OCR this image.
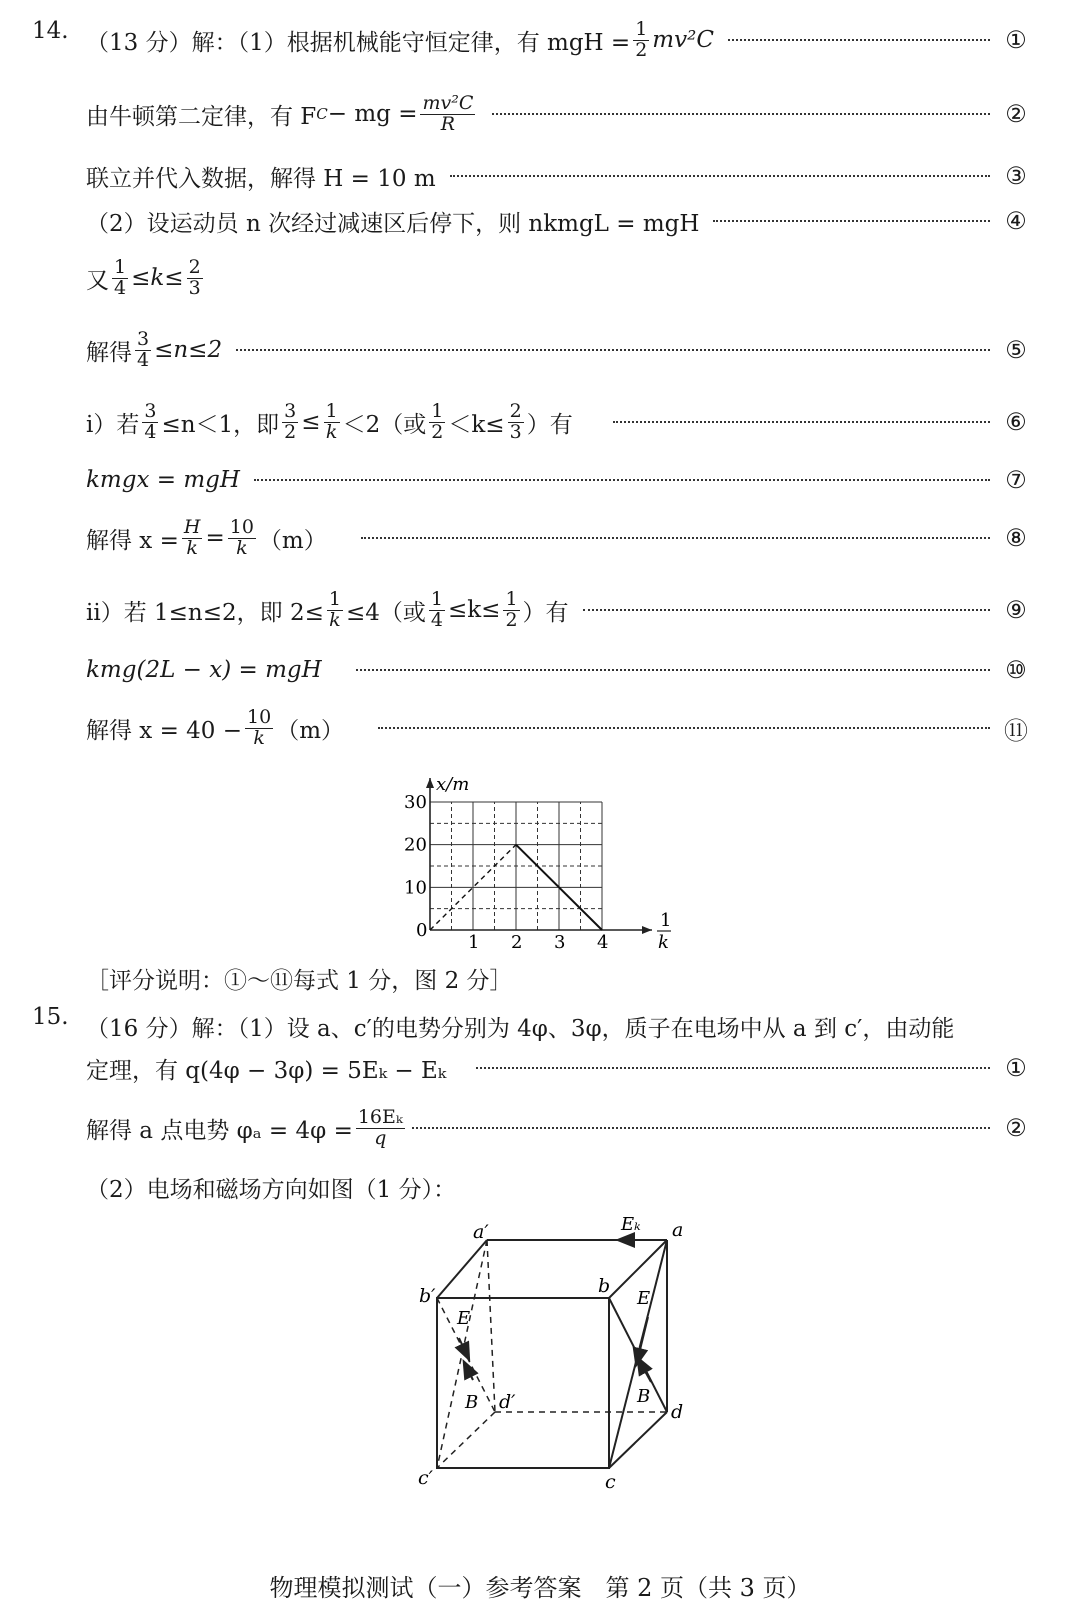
14. （13 分）解：（1）根据机械能守恒定律，有 mgH = $\frac{1}{2} mv^2C$	①
由牛顿第二定律，有 F C − mg = $\frac{\text{mv²C}}{R}$	②
联立并代入数据，解得 H = 10 m	③
（2）设运动员 n 次经过减速区后停下，则 nkmgL = mgH	④
又 $\frac{1}{4} \le k\le \frac{2}{3}$
解得 $\frac{3}{4} \le n\le 2$	⑤
i）若 $\frac{3}{4} \le n<1$，即 $\frac{3}{2} \le \frac{1}{k} <2$（或 $\frac{1}{2} <k\le \frac{2}{3}$ ）有	⑥
kmgx = mgH	⑦
解得 $x = \frac{H}{k} = \frac{10}{k} (m)$	⑧
ii）若 1≤n≤2，即 $2\le \frac{1}{k} \le 4$（或 $\frac{1}{4} \le k\le \frac{1}{2}$ ）有	⑨
kmg(2L − x) = mgH	⑩
解得 $x = 40 - \frac{10}{k} (m)$	⑪
1 2 3 4
10
20
30
0
x/m
1
k
［评分说明：①～⑪每式 1 分，图 2 分］
15. （16 分）解：（1）设 a、c′的电势分别为 4φ、3φ，质子在电场中从 a 到 c′，由动能
定理，有 q(4φ − 3φ) = 5Eₖ − Eₖ	①
解得 a 点电势 $\varphi_a = 4\varphi = \frac{\text{16Eₖ}}{q}$	②
（2）电场和磁场方向如图（1 分）：
a
a′
b
b′
c
c′
d
d′
Eₖ
E
B
E
B
物理模拟测试（一）参考答案　第 2 页（共 3 页）
